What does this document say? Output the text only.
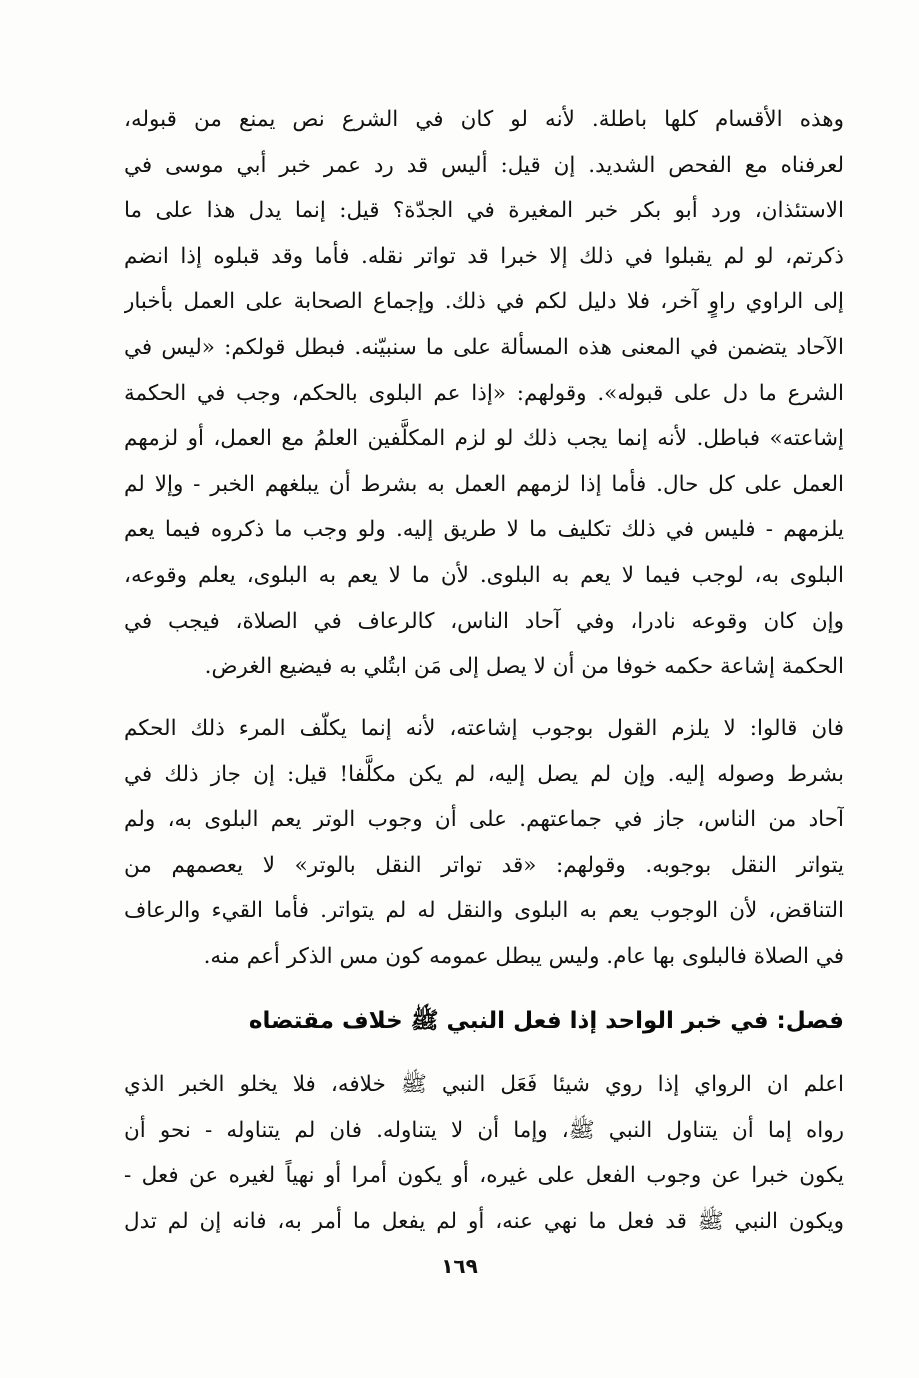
وهذه الأقسام كلها باطلة. لأنه لو كان في الشرع نص يمنع من قبوله،
لعرفناه مع الفحص الشديد. إن قيل: أليس قد رد عمر خبر أبي موسى في
الاستئذان، ورد أبو بكر خبر المغيرة في الجدّة؟ قيل: إنما يدل هذا على ما
ذكرتم، لو لم يقبلوا في ذلك إلا خبرا قد تواتر نقله. فأما وقد قبلوه إذا انضم
إلى الراوي راوٍ آخر، فلا دليل لكم في ذلك. وإجماع الصحابة على العمل بأخبار
الآحاد يتضمن في المعنى هذه المسألة على ما سنبيّنه. فبطل قولكم: «ليس في
الشرع ما دل على قبوله». وقولهم: «إذا عم البلوى بالحكم، وجب في الحكمة
إشاعته» فباطل. لأنه إنما يجب ذلك لو لزم المكلَّفين العلمُ مع العمل، أو لزمهم
العمل على كل حال. فأما إذا لزمهم العمل به بشرط أن يبلغهم الخبر - وإلا لم
يلزمهم - فليس في ذلك تكليف ما لا طريق إليه. ولو وجب ما ذكروه فيما يعم
البلوى به، لوجب فيما لا يعم به البلوى. لأن ما لا يعم به البلوى، يعلم وقوعه،
وإن كان وقوعه نادرا، وفي آحاد الناس، كالرعاف في الصلاة، فيجب في
الحكمة إشاعة حكمه خوفا من أن لا يصل إلى مَن ابتُلي به فيضيع الغرض.
فان قالوا: لا يلزم القول بوجوب إشاعته، لأنه إنما يكلّف المرء ذلك الحكم
بشرط وصوله إليه. وإن لم يصل إليه، لم يكن مكلَّفا! قيل: إن جاز ذلك في
آحاد من الناس، جاز في جماعتهم. على أن وجوب الوتر يعم البلوى به، ولم
يتواتر النقل بوجوبه. وقولهم: «قد تواتر النقل بالوتر» لا يعصمهم من
التناقض، لأن الوجوب يعم به البلوى والنقل له لم يتواتر. فأما القيء والرعاف
في الصلاة فالبلوى بها عام. وليس يبطل عمومه كون مس الذكر أعم منه.
فصل: في خبر الواحد إذا فعل النبي ﷺ خلاف مقتضاه
اعلم ان الرواي إذا روي شيئا فَعَل النبي ﷺ خلافه، فلا يخلو الخبر الذي
رواه إما أن يتناول النبي ﷺ، وإما أن لا يتناوله. فان لم يتناوله - نحو أن
يكون خبرا عن وجوب الفعل على غيره، أو يكون أمرا أو نهياً لغيره عن فعل -
ويكون النبي ﷺ قد فعل ما نهي عنه، أو لم يفعل ما أمر به، فانه إن لم تدل
١٦٩
